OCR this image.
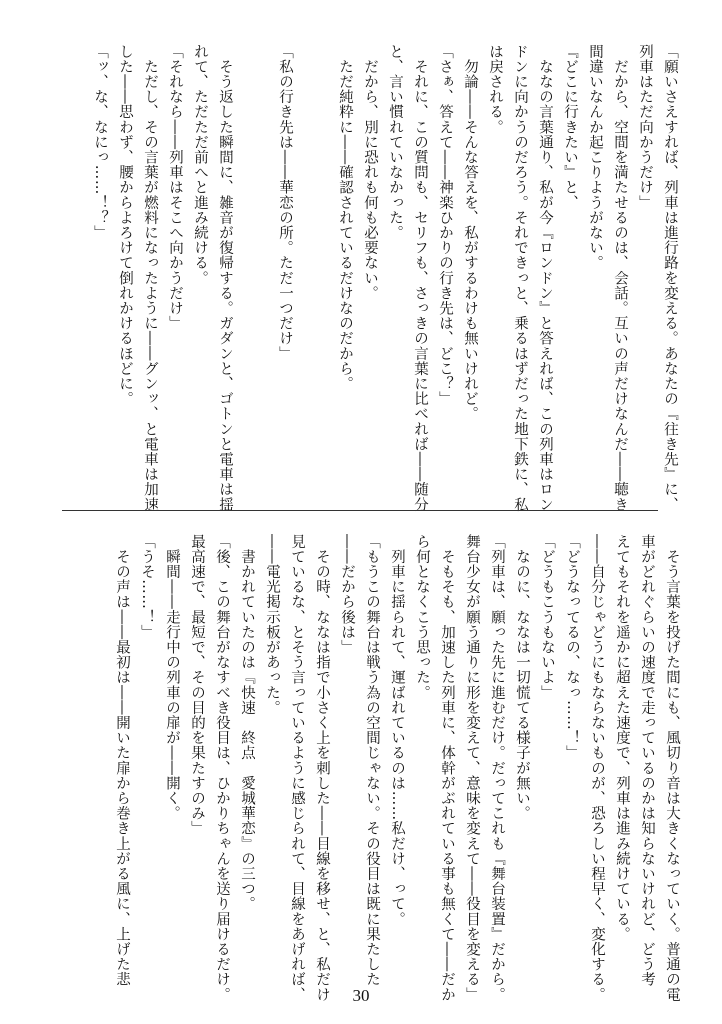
「願いさえすれば、列車は進行路を変える。あなたの『往き先』に、
列車はただ向かうだけ」
　だから、空間を満たせるのは、会話。互いの声だけなんだ――聴き
間違いなんか起こりようがない。
『どこに行きたい』と、
　ななの言葉通り、私が今『ロンドン』と答えれば、この列車はロン
ドンに向かうのだろう。それできっと、乗るはずだった地下鉄に、私
は戻される。
　勿論――そんな答えを、私がするわけも無いけれど。
「さぁ、答えて――神楽ひかりの行き先は、どこ？」
　それに、この質問も、セリフも、さっきの言葉に比べれば――随分
と、言い慣れていなかった。
　だから、別に恐れも何も必要ない。
　ただ純粋に――確認されているだけなのだから。
「私の行き先は――華恋の所。ただ一つだけ」
　そう返した瞬間に、雑音が復帰する。ガダンと、ゴトンと電車は揺
れて、ただただ前へと進み続ける。
「それなら――列車はそこへ向かうだけ」
　ただし、その言葉が燃料になったように――グンッ、と電車は加速
した――思わず、腰からよろけて倒れかけるほどに。
「ッ、な、なにっ……！？」
　そう言葉を投げた間にも、風切り音は大きくなっていく。普通の電
車がどれぐらいの速度で走っているのかは知らないけれど、どう考
えてもそれを遥かに超えた速度で、列車は進み続けている。
――自分じゃどうにもならないものが、恐ろしい程早く、変化する。
「どうなってるの、なっ……！」
「どうもこうもないよ」
　なのに、ななは一切慌てる様子が無い。
「列車は、願った先に進むだけ。だってこれも『舞台装置』だから。
舞台少女が願う通りに形を変えて、意味を変えて――役目を変える」
　そもそも、加速した列車に、体幹がぶれている事も無くて――だか
ら何となくこう思った。
　列車に揺られて、運ばれているのは……私だけ、って。
「もうこの舞台は戦う為の空間じゃない。その役目は既に果たした
――だから後は」
　その時、ななは指で小さく上を刺した――目線を移せ、と、私だけ
見ているな、とそう言っているように感じられて、目線をあげれば、
――電光掲示板があった。
　書かれていたのは『快速　終点　愛城華恋』の三つ。
「後、この舞台がなすべき役目は、ひかりちゃんを送り届けるだけ。
最高速で、最短で、その目的を果たすのみ」
　瞬間――走行中の列車の扉が――開く。
「うそ……！」
　その声は――最初は――開いた扉から巻き上がる風に、上げた悲
30
